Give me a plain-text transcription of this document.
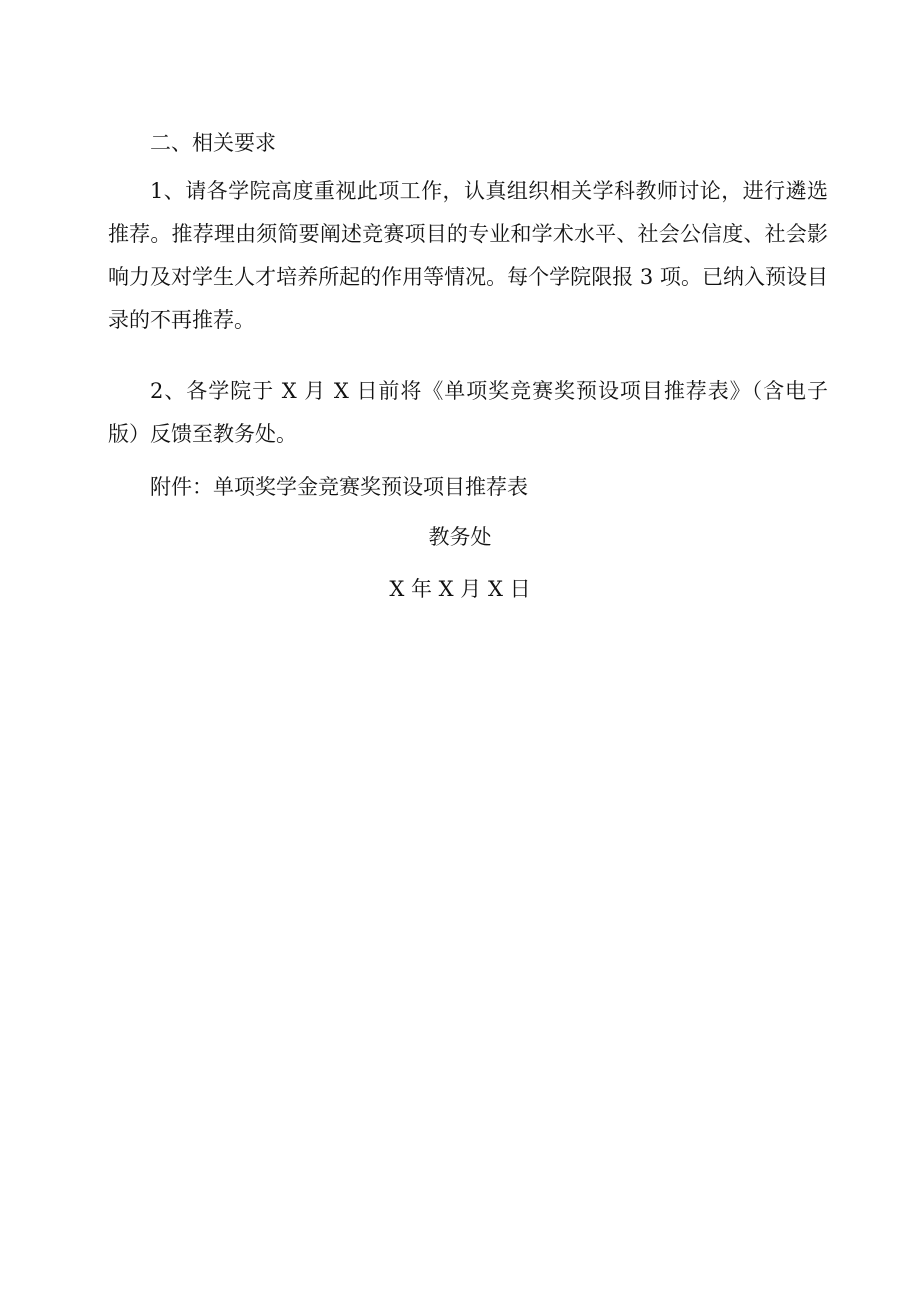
二、相关要求

1、请各学院高度重视此项工作，认真组织相关学科教师讨论，进行遴选推荐。推荐理由须简要阐述竞赛项目的专业和学术水平、社会公信度、社会影响力及对学生人才培养所起的作用等情况。每个学院限报 3 项。已纳入预设目录的不再推荐。

2、各学院于 X 月 X 日前将《单项奖竞赛奖预设项目推荐表》（含电子版）反馈至教务处。

附件：单项奖学金竞赛奖预设项目推荐表

教务处

X 年 X 月 X 日
